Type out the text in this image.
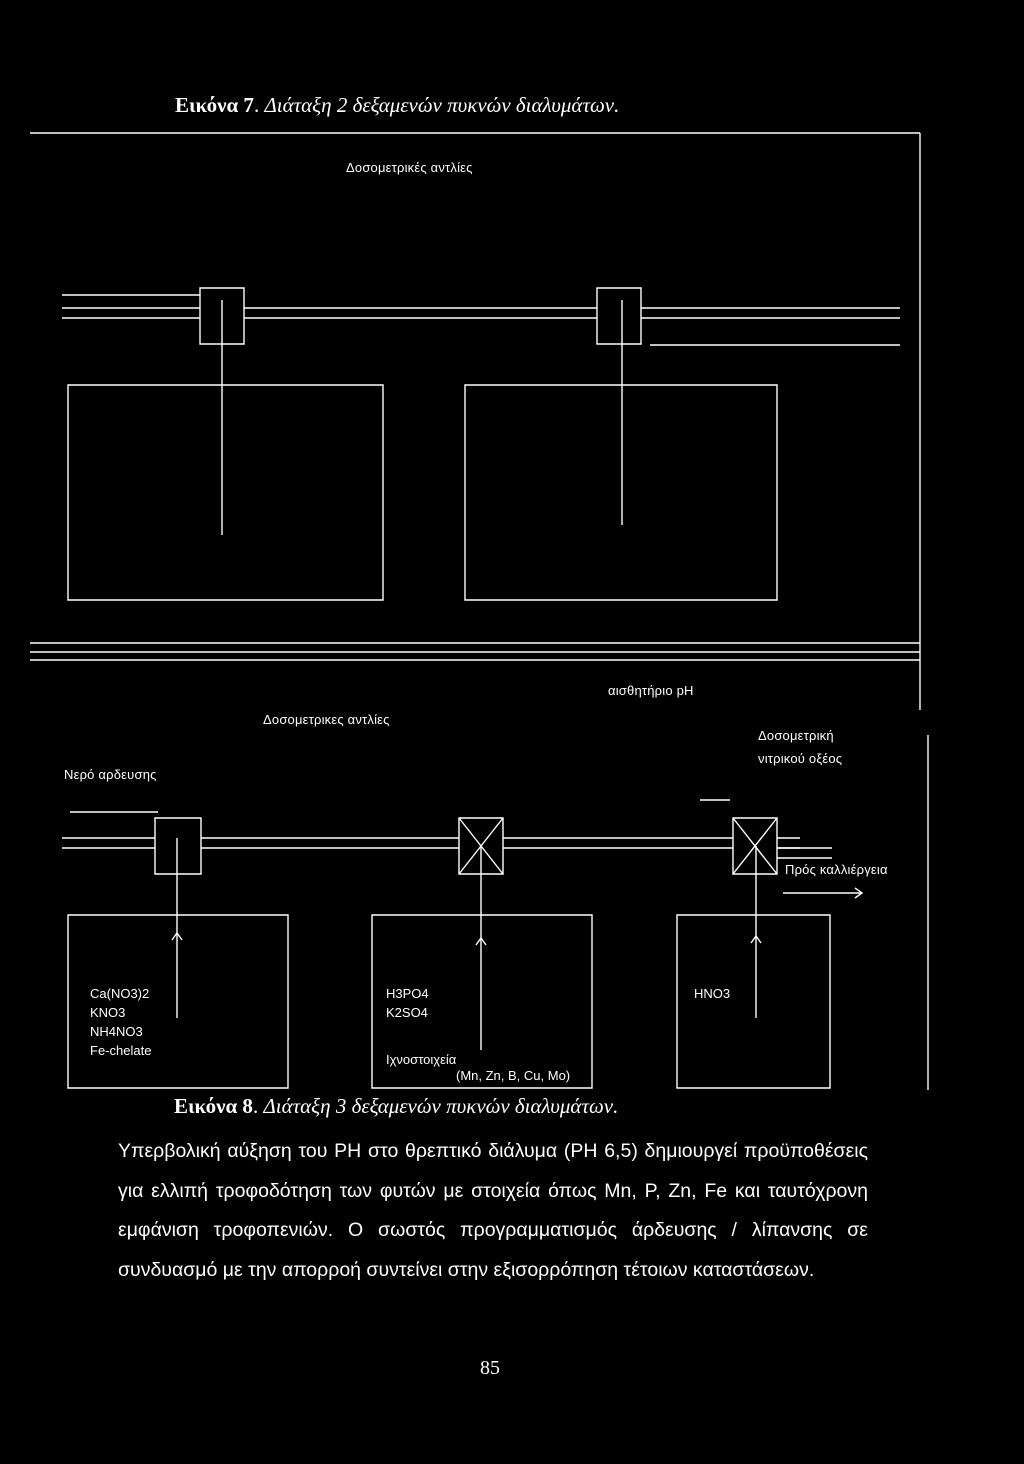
Εικόνα 7. Διάταξη 2 δεξαμενών πυκνών διαλυμάτων.
Δοσομετρικές αντλίες
αισθητήριο pH
Δοσομετρικες αντλίες
Δοσομετρική
νιτρικού οξέος
Νερό αρδευσης
Πρός καλλιέργεια
Ca(NO3)2
KNO3
NH4NO3
Fe-chelate
H3PO4
K2SO4
Ιχνοστοιχεία
(Mn, Zn, B, Cu, Mo)
HNO3
Εικόνα 8. Διάταξη 3 δεξαμενών πυκνών διαλυμάτων.
Υπερβολική αύξηση του PH στο θρεπτικό διάλυμα (PH 6,5) δημιουργεί προϋποθέσεις για ελλιπή τροφοδότηση των φυτών με στοιχεία όπως Mn, P, Zn, Fe και ταυτόχρονη εμφάνιση τροφοπενιών. Ο σωστός προγραμματισμός άρδευσης / λίπανσης σε συνδυασμό με την απορροή συντείνει στην εξισορρόπηση τέτοιων καταστάσεων.
85
